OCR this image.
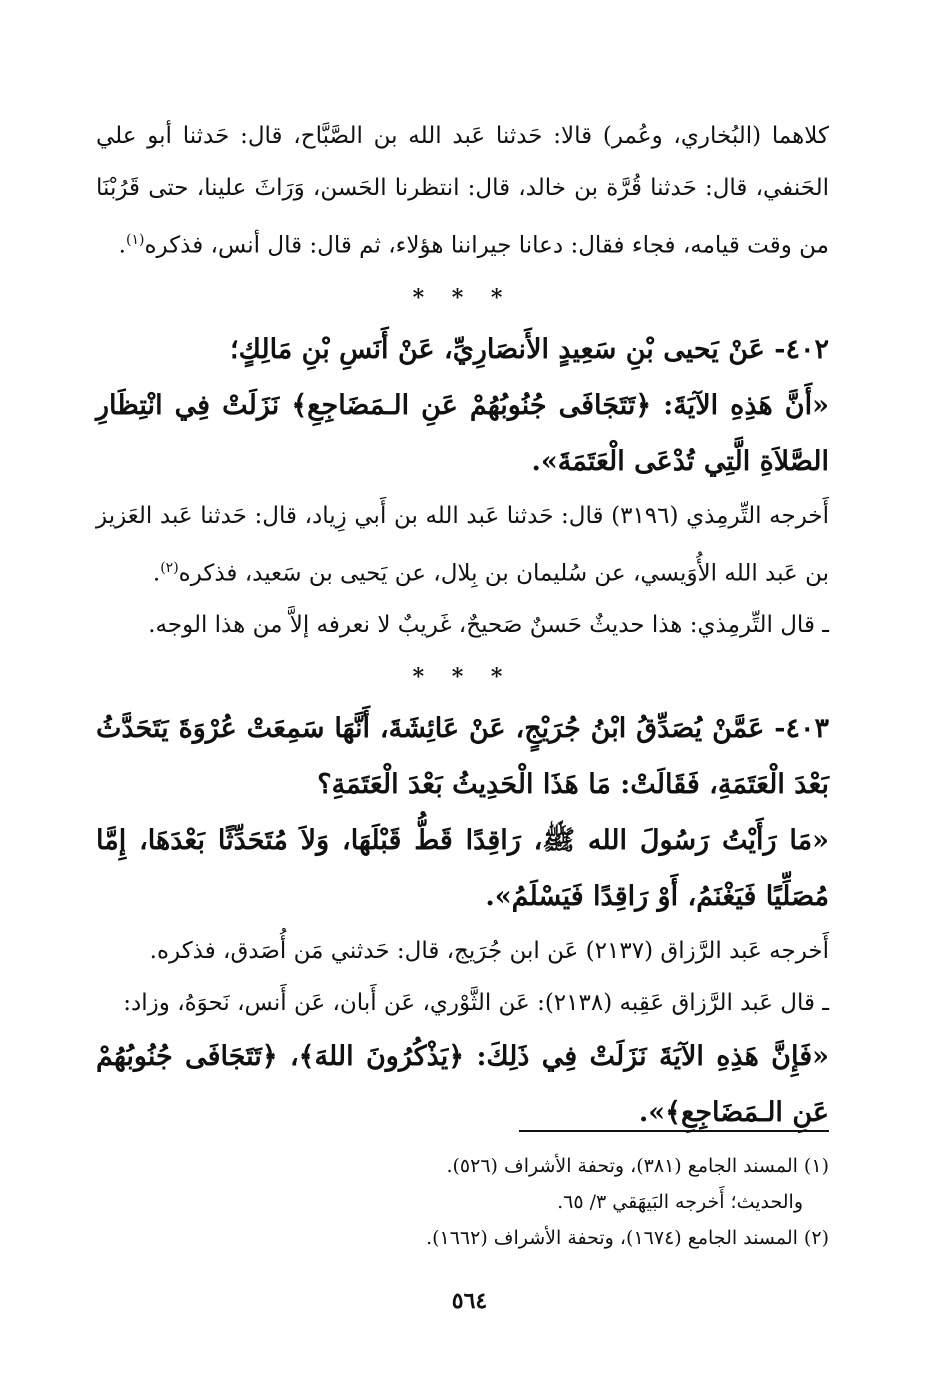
كلاهما (البُخاري، وعُمر) قالا: حَدثنا عَبد الله بن الصَّبَّاح، قال: حَدثنا أبو علي الحَنفي، قال: حَدثنا قُرَّة بن خالد، قال: انتظرنا الحَسن، وَرَاثَ علينا، حتى قَرُبْنَا من وقت قيامه، فجاء فقال: دعانا جيراننا هؤلاء، ثم قال: قال أنس، فذكره$^{(١)}$.

* * *

٤٠٢- عَنْ يَحيى بْنِ سَعِيدٍ الأَنصَارِيِّ، عَنْ أَنَسِ بْنِ مَالِكٍ؛

«أَنَّ هَذِهِ الآيَةَ: ﴿تَتَجَافَى جُنُوبُهُمْ عَنِ الـمَضَاجِعِ﴾ نَزَلَتْ فِي انْتِظَارِ الصَّلاَةِ الَّتِي تُدْعَى الْعَتَمَةَ».

أَخرجه التِّرمِذي (٣١٩٦) قال: حَدثنا عَبد الله بن أَبي زِياد، قال: حَدثنا عَبد العَزيز بن عَبد الله الأُوَيسي، عن سُليمان بن بِلال، عن يَحيى بن سَعيد، فذكره$^{(٢)}$.

ـ قال التِّرمِذي: هذا حديثٌ حَسنٌ صَحيحٌ، غَريبٌ لا نعرفه إلاَّ من هذا الوجه.

* * *

٤٠٣- عَمَّنْ يُصَدِّقُ ابْنُ جُرَيْجٍ، عَنْ عَائِشَةَ، أَنَّهَا سَمِعَتْ عُرْوَةَ يَتَحَدَّثُ بَعْدَ الْعَتَمَةِ، فَقَالَتْ: مَا هَذَا الْحَدِيثُ بَعْدَ الْعَتَمَةِ؟

«مَا رَأَيْتُ رَسُولَ الله ﷺ، رَاقِدًا قَطُّ قَبْلَهَا، وَلاَ مُتَحَدِّثًا بَعْدَهَا، إِمَّا مُصَلِّيًا فَيَغْنَمُ، أَوْ رَاقِدًا فَيَسْلَمُ».

أَخرجه عَبد الرَّزاق (٢١٣٧) عَن ابن جُرَيج، قال: حَدثني مَن أُصَدق، فذكره.

ـ قال عَبد الرَّزاق عَقِبه (٢١٣٨): عَن الثَّوْري، عَن أَبان، عَن أَنس، نَحوَهُ، وزاد:

«فَإِنَّ هَذِهِ الآيَةَ نَزَلَتْ فِي ذَلِكَ: ﴿يَذْكُرُونَ اللهَ﴾، ﴿تَتَجَافَى جُنُوبُهُمْ عَنِ الـمَضَاجِعِ﴾».

(١) المسند الجامع (٣٨١)، وتحفة الأشراف (٥٢٦).

والحديث؛ أَخرجه البَيهَقي ٣/ ٦٥.

(٢) المسند الجامع (١٦٧٤)، وتحفة الأشراف (١٦٦٢).

٥٦٤
